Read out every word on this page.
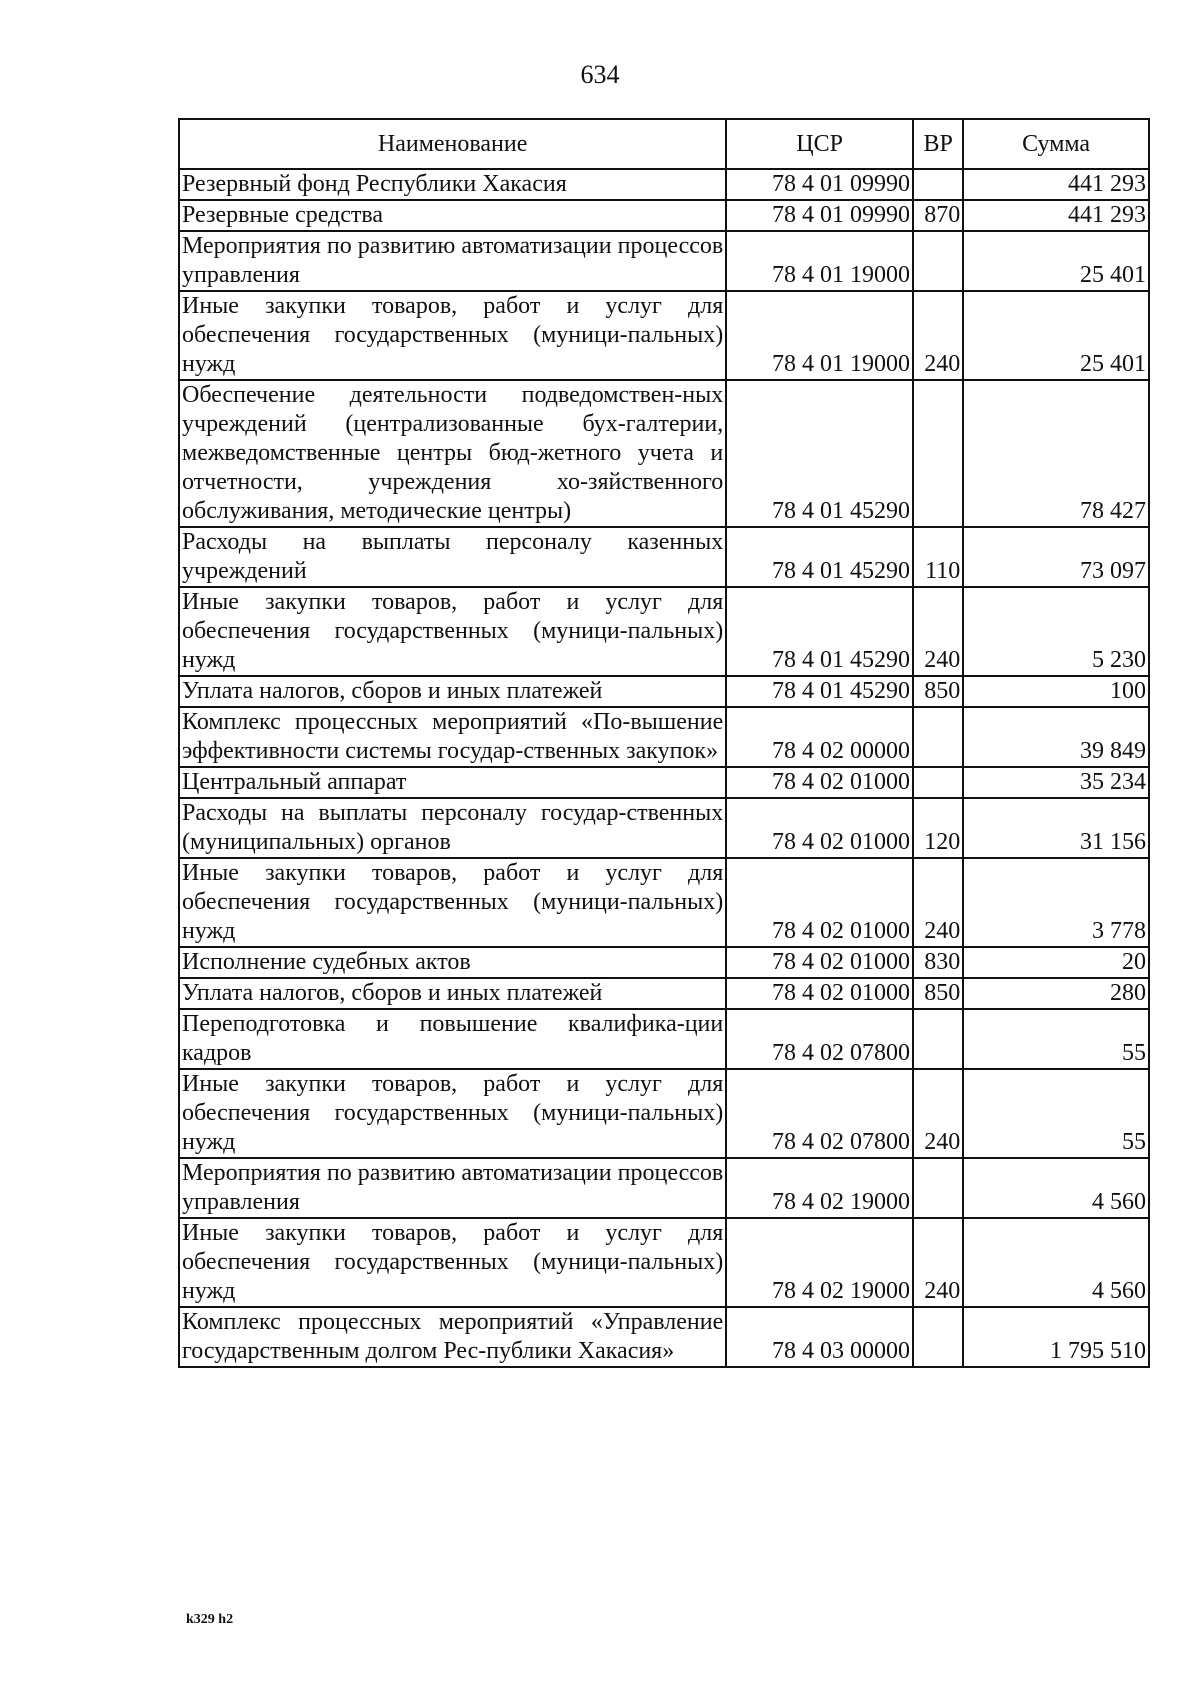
634
Наименование	ЦСР	ВР	Сумма
Резервный фонд Республики Хакасия	78 4 01 09990		441 293
Резервные средства	78 4 01 09990	870	441 293
Мероприятия по развитию автоматизации процессов управления	78 4 01 19000		25 401
Иные закупки товаров, работ и услуг для обеспечения государственных (муници-пальных) нужд	78 4 01 19000	240	25 401
Обеспечение деятельности подведомствен-ных учреждений (централизованные бух-галтерии, межведомственные центры бюд-жетного учета и отчетности, учреждения хо-зяйственного обслуживания, методические центры)	78 4 01 45290		78 427
Расходы на выплаты персоналу казенных учреждений	78 4 01 45290	110	73 097
Иные закупки товаров, работ и услуг для обеспечения государственных (муници-пальных) нужд	78 4 01 45290	240	5 230
Уплата налогов, сборов и иных платежей	78 4 01 45290	850	100
Комплекс процессных мероприятий «По-вышение эффективности системы государ-ственных закупок»	78 4 02 00000		39 849
Центральный аппарат	78 4 02 01000		35 234
Расходы на выплаты персоналу государ-ственных (муниципальных) органов	78 4 02 01000	120	31 156
Иные закупки товаров, работ и услуг для обеспечения государственных (муници-пальных) нужд	78 4 02 01000	240	3 778
Исполнение судебных актов	78 4 02 01000	830	20
Уплата налогов, сборов и иных платежей	78 4 02 01000	850	280
Переподготовка и повышение квалифика-ции кадров	78 4 02 07800		55
Иные закупки товаров, работ и услуг для обеспечения государственных (муници-пальных) нужд	78 4 02 07800	240	55
Мероприятия по развитию автоматизации процессов управления	78 4 02 19000		4 560
Иные закупки товаров, работ и услуг для обеспечения государственных (муници-пальных) нужд	78 4 02 19000	240	4 560
Комплекс процессных мероприятий «Управление государственным долгом Рес-публики Хакасия»	78 4 03 00000		1 795 510
k329 h2
